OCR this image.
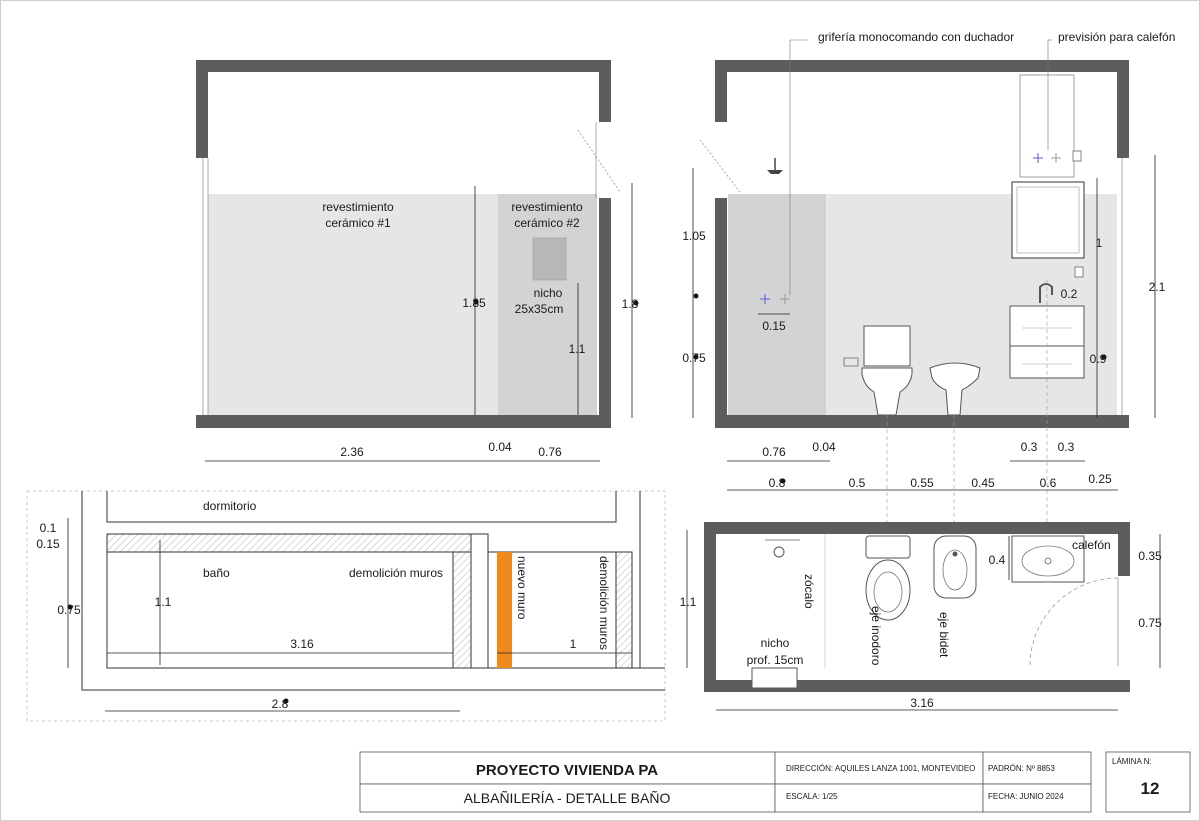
revestimiento
cerámico #1
revestimiento
cerámico #2
nicho
25x35cm
1.85	1.8
1.1
2.36	0.04 0.76
grifería monocomando con duchador	previsión para calefón
1.05
0.75
0.15
0.2
1
0.9
2.1
0.76 0.04	0.3 0.3
0.8	0.5	0.55	0.45	0.6	0.25
dormitorio
baño	demolición muros	nuevo muro	demolición muros
1.1
0.1
0.15
0.75
3.16	1
2.8
zócalo
eje inodoro	eje bidet
calefón
nicho
prof. 15cm
1.1
0.4	0.35
0.75
3.16
PROYECTO VIVIENDA PA
ALBAÑILERÍA - DETALLE BAÑO
DIRECCIÓN: AQUILES LANZA 1001, MONTEVIDEO
ESCALA: 1/25
PADRÓN: Nº 8853
FECHA: JUNIO 2024
LÁMINA N:
12
